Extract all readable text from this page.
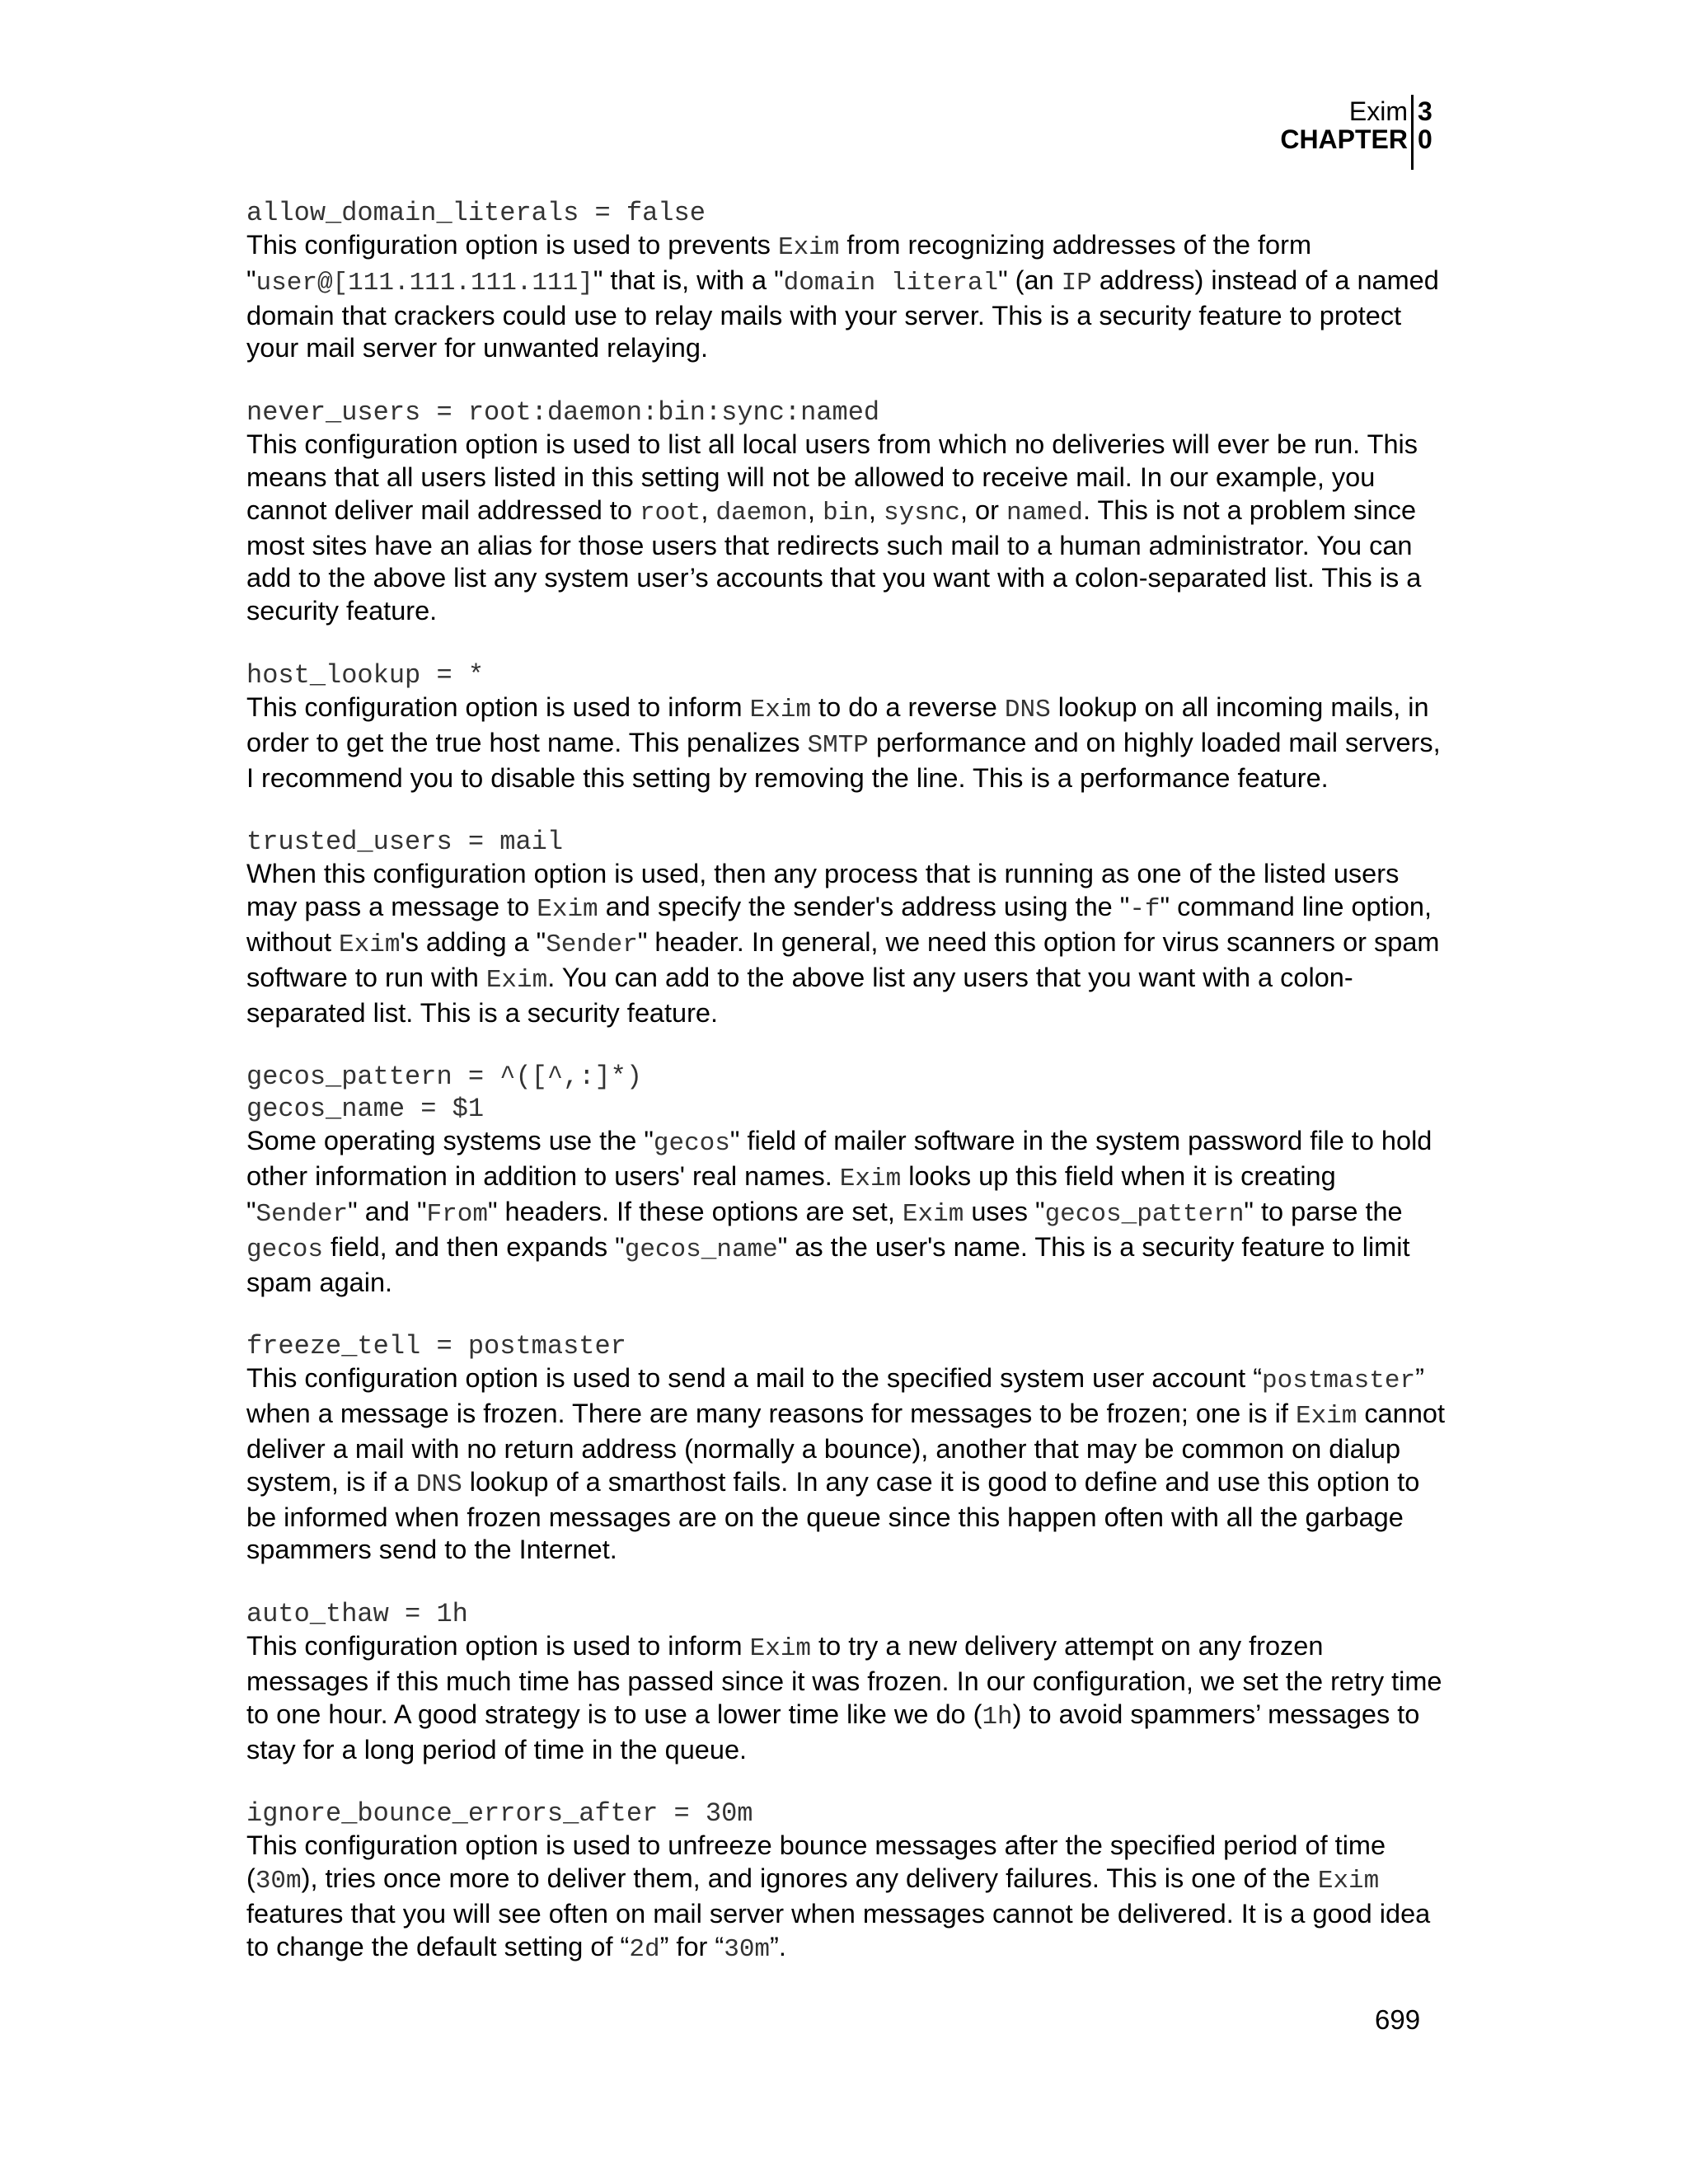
Exim
CHAPTER
3
0
allow_domain_literals = false
This configuration option is used to prevents Exim from recognizing addresses of the form "user@[111.111.111.111]" that is, with a "domain literal" (an IP address) instead of a named domain that crackers could use to relay mails with your server. This is a security feature to protect your mail server for unwanted relaying.
never_users = root:daemon:bin:sync:named
This configuration option is used to list all local users from which no deliveries will ever be run. This means that all users listed in this setting will not be allowed to receive mail. In our example, you cannot deliver mail addressed to root, daemon, bin, sysnc, or named. This is not a problem since most sites have an alias for those users that redirects such mail to a human administrator. You can add to the above list any system user’s accounts that you want with a colon-separated list. This is a security feature.
host_lookup = *
This configuration option is used to inform Exim to do a reverse DNS lookup on all incoming mails, in order to get the true host name. This penalizes SMTP performance and on highly loaded mail servers, I recommend you to disable this setting by removing the line. This is a performance feature.
trusted_users = mail
When this configuration option is used, then any process that is running as one of the listed users may pass a message to Exim and specify the sender's address using the "-f" command line option, without Exim's adding a "Sender" header. In general, we need this option for virus scanners or spam software to run with Exim. You can add to the above list any users that you want with a colon-separated list. This is a security feature.
gecos_pattern = ^([^,:]*)
gecos_name = $1
Some operating systems use the "gecos" field of mailer software in the system password file to hold other information in addition to users' real names. Exim looks up this field when it is creating "Sender" and "From" headers. If these options are set, Exim uses "gecos_pattern" to parse the gecos field, and then expands "gecos_name" as the user's name. This is a security feature to limit spam again.
freeze_tell = postmaster
This configuration option is used to send a mail to the specified system user account “postmaster” when a message is frozen. There are many reasons for messages to be frozen; one is if Exim cannot deliver a mail with no return address (normally a bounce), another that may be common on dialup system, is if a DNS lookup of a smarthost fails. In any case it is good to define and use this option to be informed when frozen messages are on the queue since this happen often with all the garbage spammers send to the Internet.
auto_thaw = 1h
This configuration option is used to inform Exim to try a new delivery attempt on any frozen messages if this much time has passed since it was frozen. In our configuration, we set the retry time to one hour. A good strategy is to use a lower time like we do (1h) to avoid spammers’ messages to stay for a long period of time in the queue.
ignore_bounce_errors_after = 30m
This configuration option is used to unfreeze bounce messages after the specified period of time (30m), tries once more to deliver them, and ignores any delivery failures. This is one of the Exim features that you will see often on mail server when messages cannot be delivered. It is a good idea to change the default setting of “2d” for “30m”.
699
